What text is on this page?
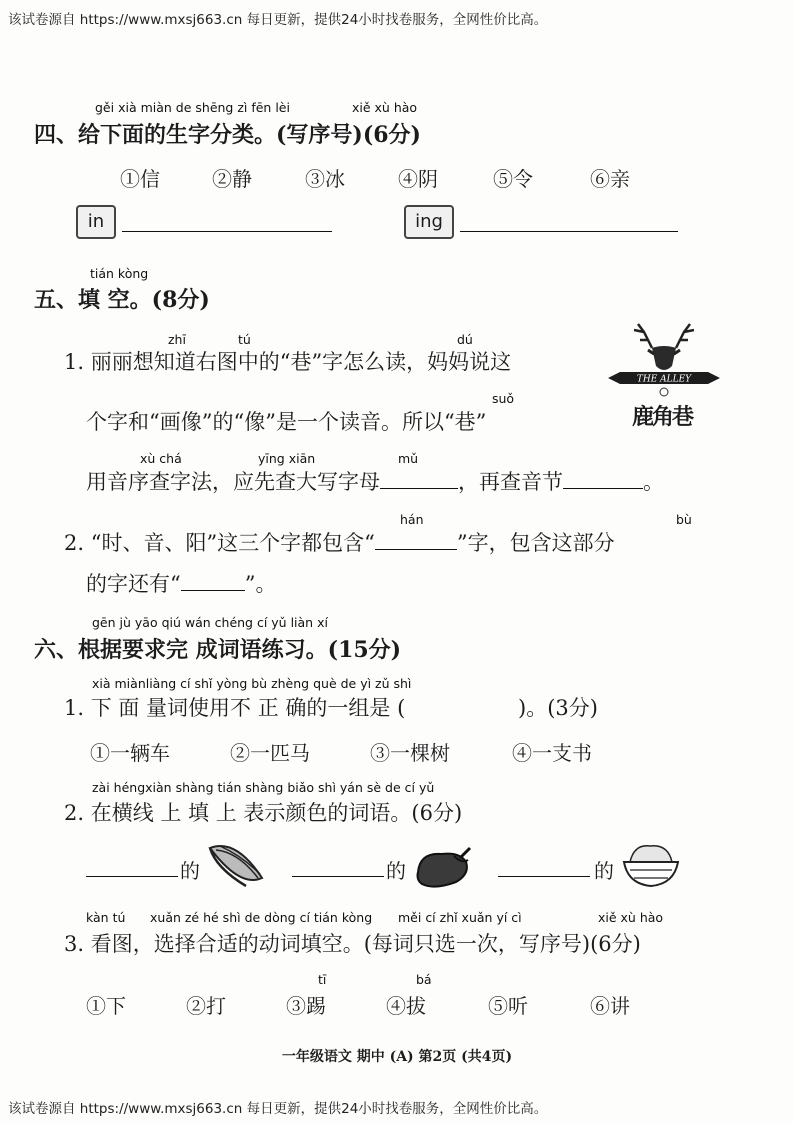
该试卷源自 https://www.mxsj663.cn 每日更新，提供24小时找卷服务，全网性价比高。
gěi xià miàn de shēng zì fēn lèi	xiě xù hào
四、给下面的生字分类。(写序号)(6分)
①信	②静	③冰	④阴	⑤令	⑥亲
in	ing
tián kòng
五、填 空。(8分)
zhī	tú	dú
1. 丽丽想知道右图中的“巷”字怎么读，妈妈说这
suǒ
个字和“画像”的“像”是一个读音。所以“巷”
xù chá	yīng xiān	mǔ
用音序查字法，应先查大写字母	，再查音节	。
THE ALLEY
鹿角巷
hán	bù
2. “时、音、阳”这三个字都包含“	”字，包含这部分
的字还有“	”。
gēn jù yāo qiú wán chéng cí yǔ liàn xí
六、根据要求完 成词语练习。(15分)
xià miànliàng cí shǐ yòng bù zhèng què de yì zǔ shì
1. 下 面 量词使用不 正 确的一组是 (	)。(3分)
①一辆车	②一匹马	③一棵树	④一支书
zài héngxiàn shàng tián shàng biǎo shì yán sè de cí yǔ
2. 在横线 上 填 上 表示颜色的词语。(6分)
的	的	的
kàn tú xuǎn zé hé shì de dòng cí tián kòng měi cí zhǐ xuǎn yí cì	xiě xù hào
3. 看图，选择合适的动词填空。(每词只选一次，写序号)(6分)
tī	bá
①下	②打	③踢	④拔	⑤听	⑥讲
一年级语文 期中 (A) 第2页 (共4页)
该试卷源自 https://www.mxsj663.cn 每日更新，提供24小时找卷服务，全网性价比高。
